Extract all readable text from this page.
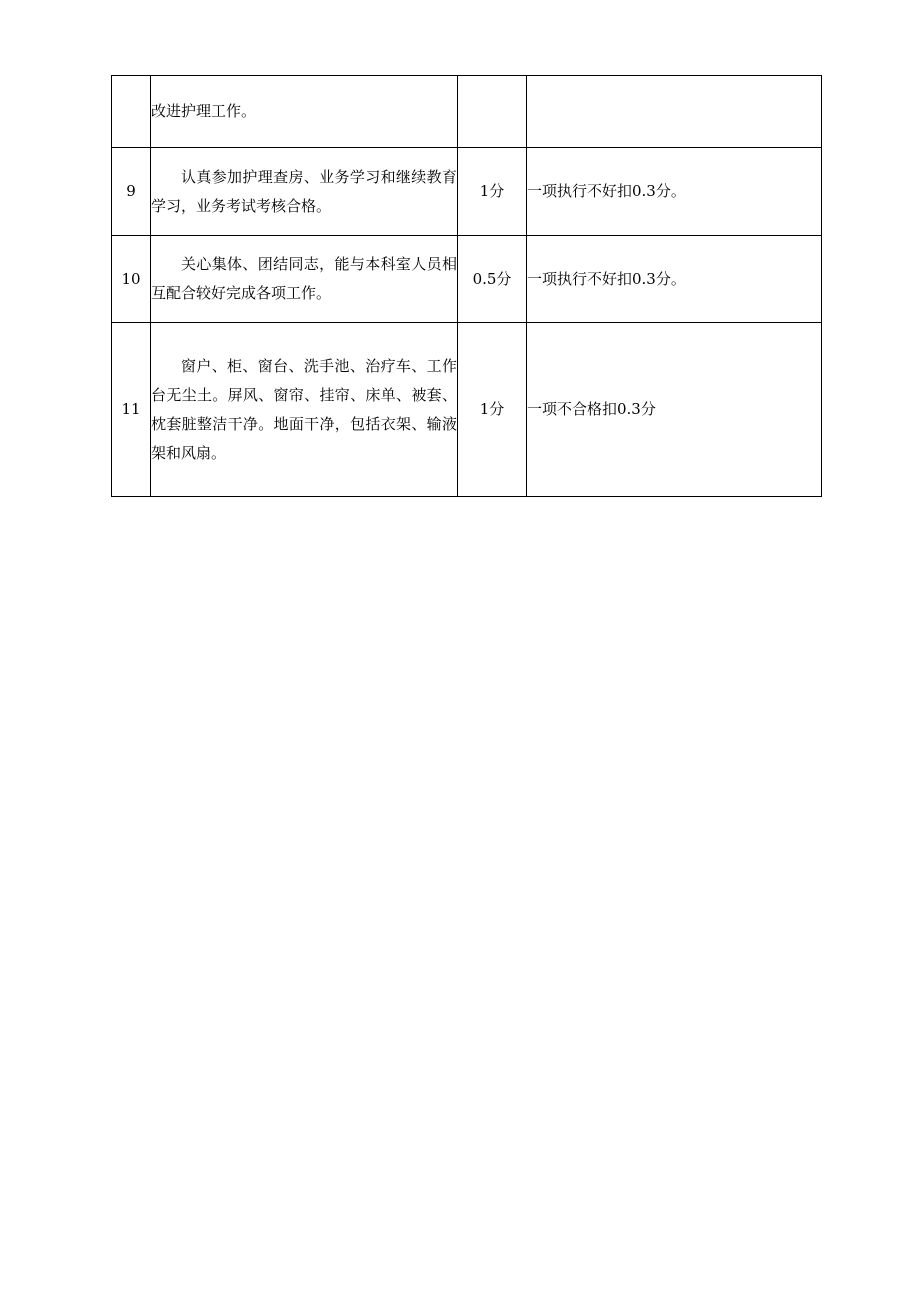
	改进护理工作。		

9	认真参加护理查房、业务学习和继续教育学习，业务考试考核合格。	1分	一项执行不好扣0.3分。
10	关心集体、团结同志，能与本科室人员相互配合较好完成各项工作。	0.5分	一项执行不好扣0.3分。
11	窗户、柜、窗台、洗手池、治疗车、工作台无尘土。屏风、窗帘、挂帘、床单、被套、枕套脏整洁干净。地面干净，包括衣架、输液架和风扇。	1分	一项不合格扣0.3分
